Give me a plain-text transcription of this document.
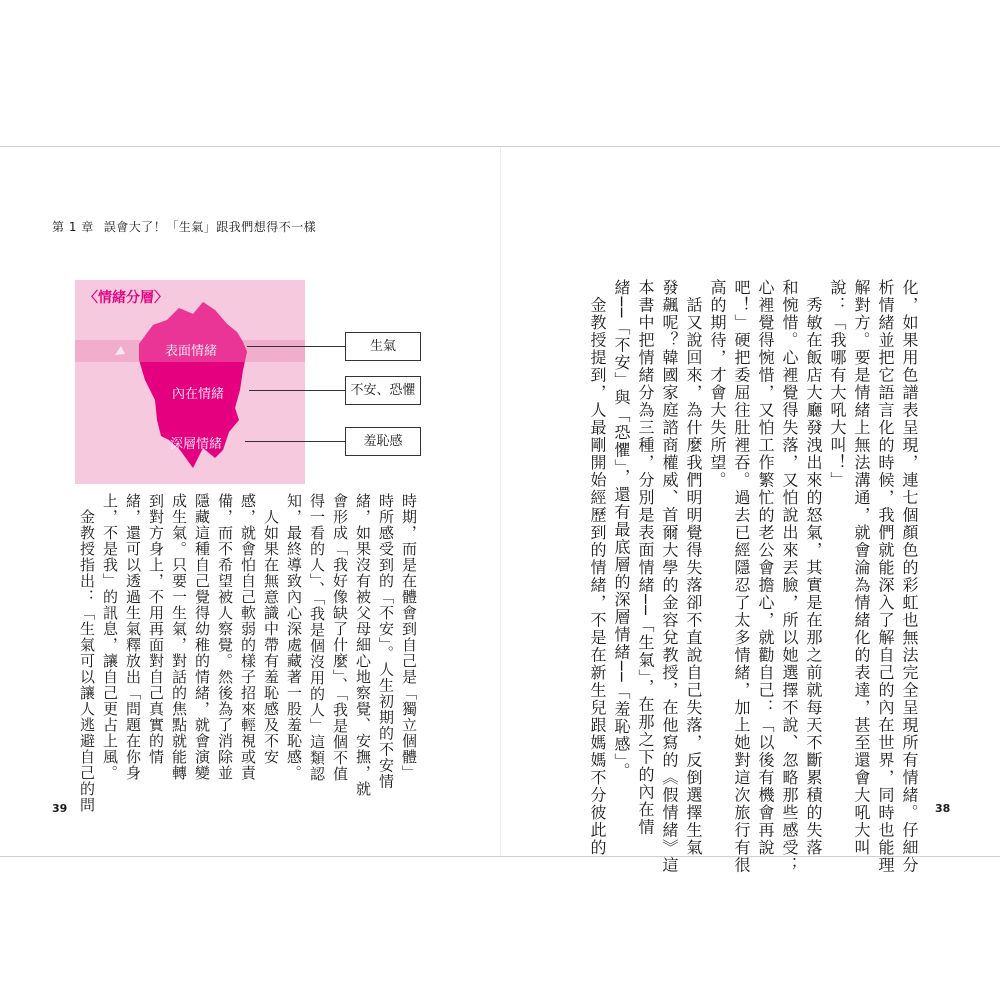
第 1 章 誤會大了！「生氣」跟我們想得不一樣
〈情緒分層〉
表面情緒
內在情緒
深層情緒
生氣
不安、恐懼
羞恥感	化，如果用色譜表呈現，連七個顏色的彩虹也無法完全呈現所有情緒。仔細分
析情緒並把它語言化的時候，我們就能深入了解自己的內在世界，同時也能理
解對方。要是情緒上無法溝通，就會淪為情緒化的表達，甚至還會大吼大叫
說：「我哪有大吼大叫！」
　秀敏在飯店大廳發洩出來的怒氣，其實是在那之前就每天不斷累積的失落
和惋惜。心裡覺得失落，又怕說出來丟臉，所以她選擇不說、忽略那些感受；
心裡覺得惋惜，又怕工作繁忙的老公會擔心，就勸自己：「以後有機會再說
吧！」硬把委屈往肚裡吞。過去已經隱忍了太多情緒，加上她對這次旅行有很
高的期待，才會大失所望。
　話又說回來，為什麼我們明明覺得失落卻不直說自己失落，反倒選擇生氣
發飆呢？韓國家庭諮商權威、首爾大學的金容兌教授，在他寫的《假情緒》這
本書中把情緒分為三種，分別是表面情緒──「生氣」，在那之下的內在情
緒──「不安」與「恐懼」，還有最底層的深層情緒──「羞恥感」。
　金教授提到，人最剛開始經歷到的情緒，不是在新生兒跟媽媽不分彼此的
時期，而是在體會到自己是「獨立個體」
時所感受到的「不安」。人生初期的不安情
緒，如果沒有被父母細心地察覺、安撫，就
會形成「我好像缺了什麼」、「我是個不值
得一看的人」、「我是個沒用的人」這類認
知，最終導致內心深處藏著一股羞恥感。
　人如果在無意識中帶有羞恥感及不安
感，就會怕自己軟弱的樣子招來輕視或責
備，而不希望被人察覺。然後為了消除並
隱藏這種自己覺得幼稚的情緒，就會演變
成生氣。只要一生氣，對話的焦點就能轉
到對方身上，不用再面對自己真實的情
緒，還可以透過生氣釋放出「問題在你身
上，不是我」的訊息，讓自己更占上風。
　金教授指出：「生氣可以讓人逃避自己的問
39	38
